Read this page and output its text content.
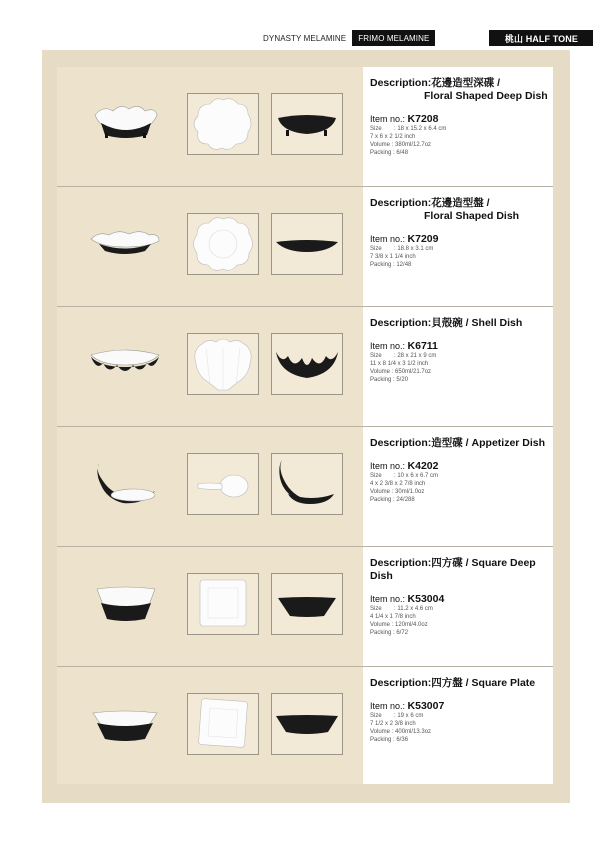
DYNASTY MELAMINE	FRIMO MELAMINE	桃山 HALF TONE
Description:花邊造型深碟 /
Floral Shaped Deep Dish
Item no.: K7208
Size : 18 x 15.2 x 6.4 cm
7 x 6 x 2 1/2 inch
Volume : 380ml/12.7oz
Packing : 6/48
Description:花邊造型盤 /
Floral Shaped Dish
Item no.: K7209
Size : 18.8 x 3.1 cm
7 3/8 x 1 1/4 inch
Packing : 12/48
Description:貝殻碗 / Shell Dish
Item no.: K6711
Size : 28 x 21 x 9 cm
11 x 8 1/4 x 3 1/2 inch
Volume : 650ml/21.7oz
Packing : 5/20
Description:造型碟 / Appetizer Dish
Item no.: K4202
Size : 10 x 6 x 6.7 cm
4 x 2 3/8 x 2 7/8 inch
Volume : 30ml/1.0oz
Packing : 24/288
Description:四方碟 / Square Deep Dish
Item no.: K53004
Size : 11.2 x 4.6 cm
4 1/4 x 1 7/8 inch
Volume : 120ml/4.0oz
Packing : 6/72
Description:四方盤 / Square Plate
Item no.: K53007
Size : 19 x 6 cm
7 1/2 x 2 3/8 inch
Volume : 400ml/13.3oz
Packing : 6/36
